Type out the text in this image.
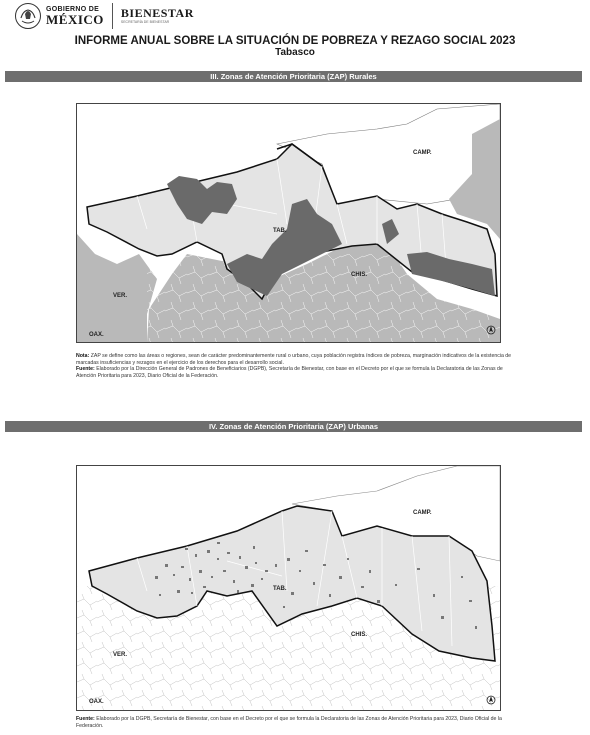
GOBIERNO DE
MÉXICO BIENESTAR
SECRETARÍA DE BIENESTAR
INFORME ANUAL SOBRE LA SITUACIÓN DE POBREZA Y REZAGO SOCIAL 2023
Tabasco
III. Zonas de Atención Prioritaria (ZAP) Rurales
CAMP.
TAB.
CHIS.
VER.
OAX.
Nota: ZAP se define como las áreas o regiones, sean de carácter predominantemente rural o urbano, cuya población registra índices de pobreza, marginación indicativos de la existencia de marcadas insuficiencias y rezagos en el ejercicio de los derechos para el desarrollo social.
Fuente: Elaborado por la Dirección General de Padrones de Beneficiarios (DGPB), Secretaría de Bienestar, con base en el Decreto por el que se formula la Declaratoria de las Zonas de Atención Prioritaria para 2023, Diario Oficial de la Federación.
IV. Zonas de Atención Prioritaria (ZAP) Urbanas
CAMP.
TAB.
CHIS.
VER.
OAX.
Fuente: Elaborado por la DGPB, Secretaría de Bienestar, con base en el Decreto por el que se formula la Declaratoria de las Zonas de Atención Prioritaria para 2023, Diario Oficial de la Federación.
